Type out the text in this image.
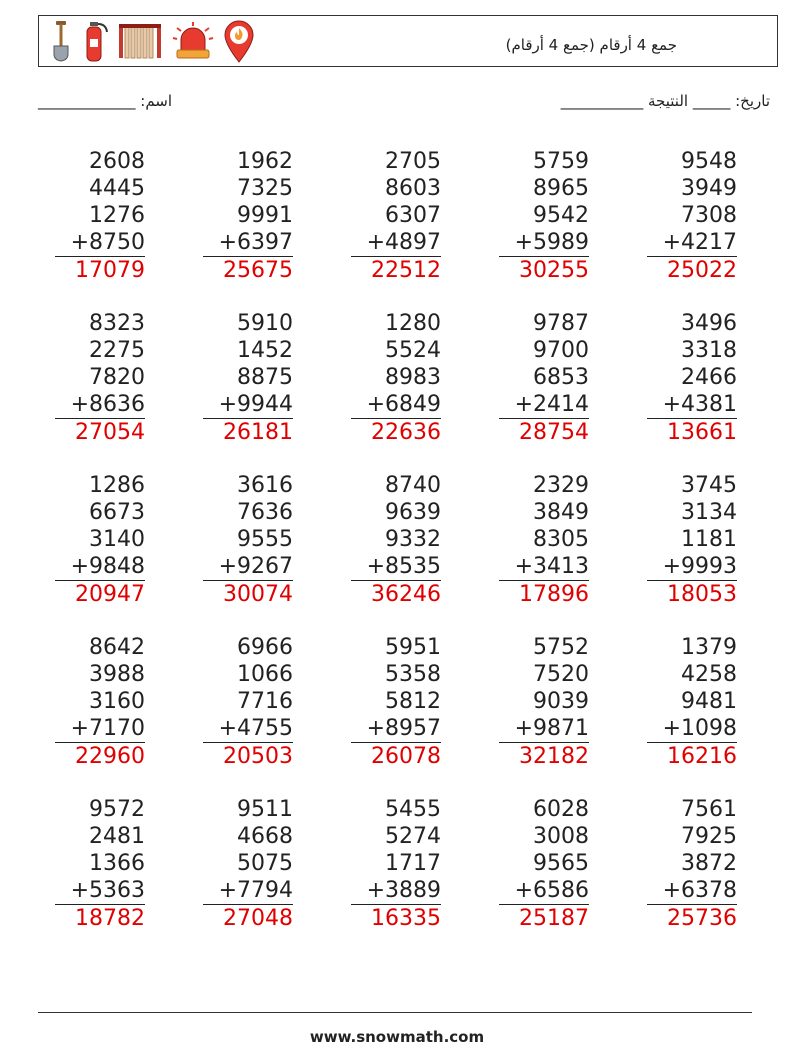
جمع 4 أرقام (جمع 4 أرقام)
اسم: _____________	تاريخ: _____ النتيجة ___________
9548
3949
7308
+4217
25022
5759
8965
9542
+5989
30255
2705
8603
6307
+4897
22512
1962
7325
9991
+6397
25675
2608
4445
1276
+8750
17079
3496
3318
2466
+4381
13661
9787
9700
6853
+2414
28754
1280
5524
8983
+6849
22636
5910
1452
8875
+9944
26181
8323
2275
7820
+8636
27054
3745
3134
1181
+9993
18053
2329
3849
8305
+3413
17896
8740
9639
9332
+8535
36246
3616
7636
9555
+9267
30074
1286
6673
3140
+9848
20947
1379
4258
9481
+1098
16216
5752
7520
9039
+9871
32182
5951
5358
5812
+8957
26078
6966
1066
7716
+4755
20503
8642
3988
3160
+7170
22960
7561
7925
3872
+6378
25736
6028
3008
9565
+6586
25187
5455
5274
1717
+3889
16335
9511
4668
5075
+7794
27048
9572
2481
1366
+5363
18782
www.snowmath.com
